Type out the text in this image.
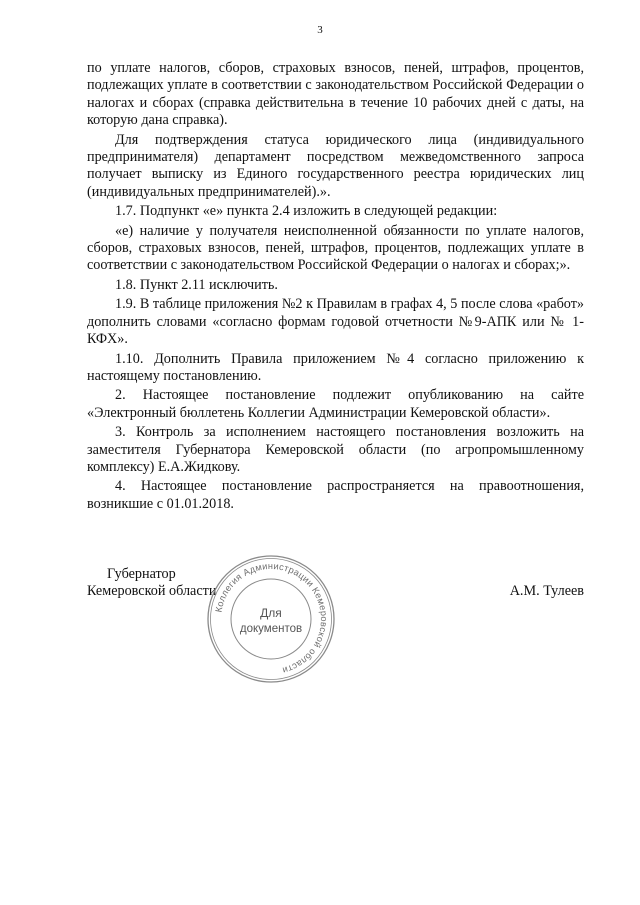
3

по уплате налогов, сборов, страховых взносов, пеней, штрафов, процентов, подлежащих уплате в соответствии с законодательством Российской Федерации о налогах и сборах (справка действительна в течение 10 рабочих дней с даты, на которую дана справка).

Для подтверждения статуса юридического лица (индивидуального предпринимателя) департамент посредством межведомственного запроса получает выписку из Единого государственного реестра юридических лиц (индивидуальных предпринимателей).».

1.7. Подпункт «е» пункта 2.4 изложить в следующей редакции:

«е) наличие у получателя неисполненной обязанности по уплате налогов, сборов, страховых взносов, пеней, штрафов, процентов, подлежащих уплате в соответствии с законодательством Российской Федерации о налогах и сборах;».

1.8. Пункт 2.11 исключить.

1.9. В таблице приложения №2 к Правилам в графах 4, 5 после слова «работ» дополнить словами «согласно формам годовой отчетности №9-АПК или № 1-КФХ».

1.10. Дополнить Правила приложением №4 согласно приложению к настоящему постановлению.

2. Настоящее постановление подлежит опубликованию на сайте «Электронный бюллетень Коллегии Администрации Кемеровской области».

3. Контроль за исполнением настоящего постановления возложить на заместителя Губернатора Кемеровской области (по агропромышленному комплексу) Е.А.Жидкову.

4. Настоящее постановление распространяется на правоотношения, возникшие с 01.01.2018.

Губернатор
Кемеровской области
Коллегия Администрации Кемеровской области
Для
документов
А.М. Тулеев
